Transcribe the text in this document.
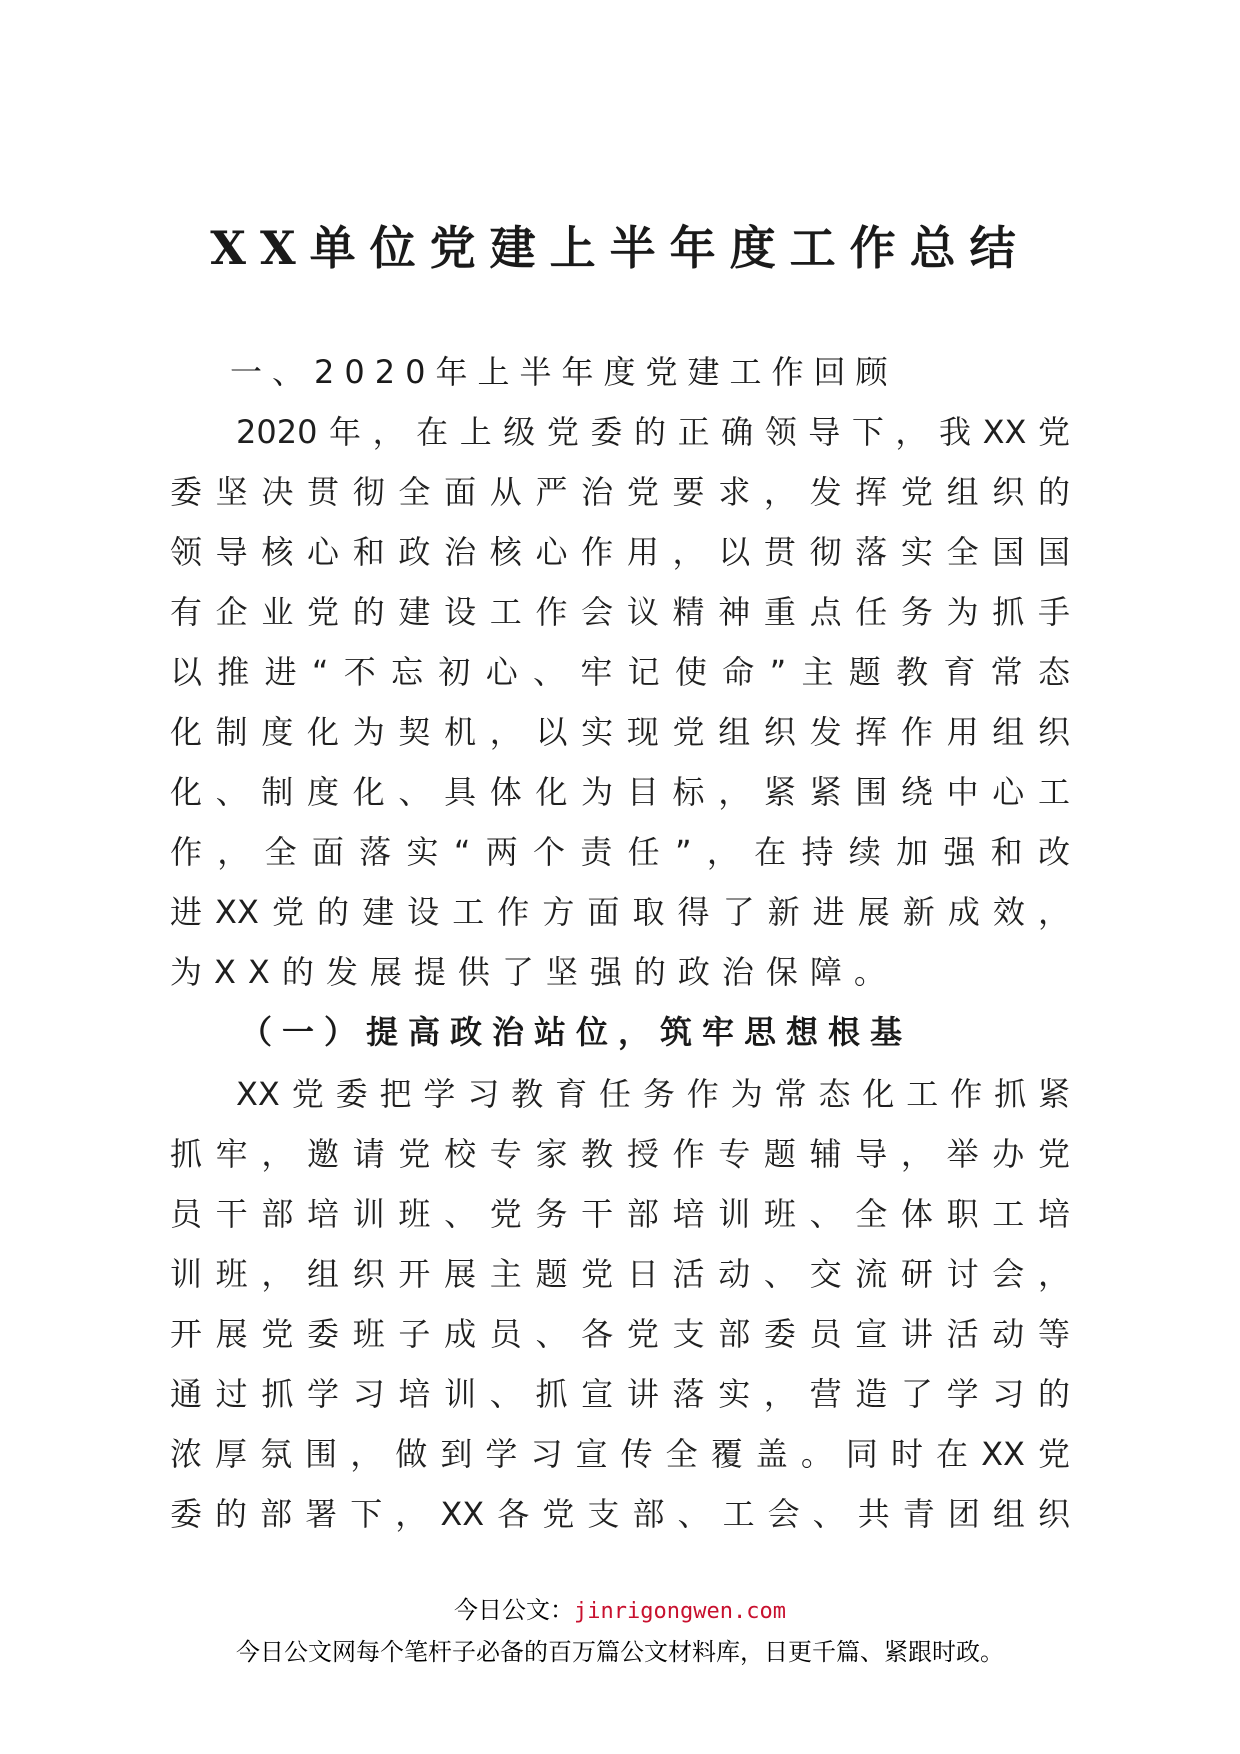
XX单位党建上半年度工作总结
一、2020年上半年度党建工作回顾
2020年，在上级党委的正确领导下，我XX党
委坚决贯彻全面从严治党要求，发挥党组织的
领导核心和政治核心作用，以贯彻落实全国国
有企业党的建设工作会议精神重点任务为抓手
以推进“不忘初心、牢记使命”主题教育常态
化制度化为契机，以实现党组织发挥作用组织
化、制度化、具体化为目标，紧紧围绕中心工
作，全面落实“两个责任”，在持续加强和改
进XX党的建设工作方面取得了新进展新成效，
为XX的发展提供了坚强的政治保障。
（一）提高政治站位，筑牢思想根基
XX党委把学习教育任务作为常态化工作抓紧
抓牢，邀请党校专家教授作专题辅导，举办党
员干部培训班、党务干部培训班、全体职工培
训班，组织开展主题党日活动、交流研讨会，
开展党委班子成员、各党支部委员宣讲活动等
通过抓学习培训、抓宣讲落实，营造了学习的
浓厚氛围，做到学习宣传全覆盖。同时在XX党
委的部署下，XX各党支部、工会、共青团组织
今日公文：jinrigongwen.com
今日公文网每个笔杆子必备的百万篇公文材料库，日更千篇、紧跟时政。
